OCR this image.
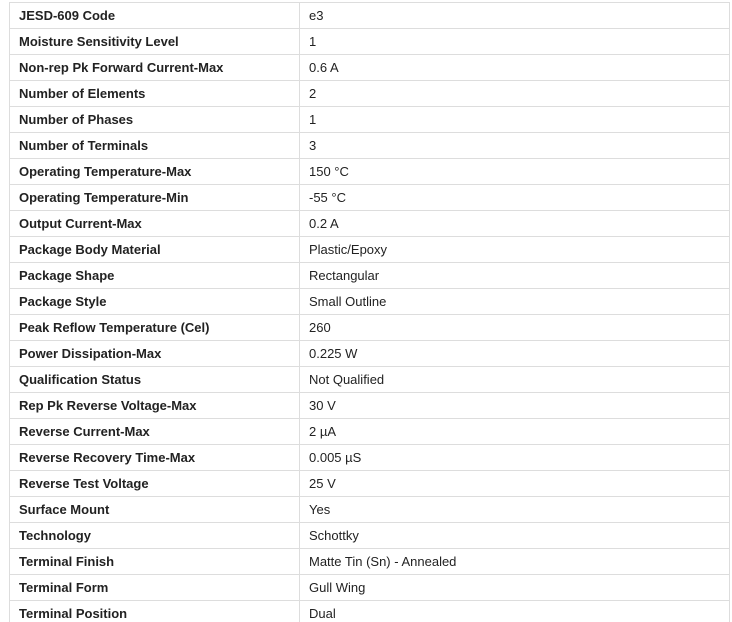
JESD-609 Code	e3
Moisture Sensitivity Level	1
Non-rep Pk Forward Current-Max	0.6 A
Number of Elements	2
Number of Phases	1
Number of Terminals	3
Operating Temperature-Max	150 °C
Operating Temperature-Min	-55 °C
Output Current-Max	0.2 A
Package Body Material	Plastic/Epoxy
Package Shape	Rectangular
Package Style	Small Outline
Peak Reflow Temperature (Cel)	260
Power Dissipation-Max	0.225 W
Qualification Status	Not Qualified
Rep Pk Reverse Voltage-Max	30 V
Reverse Current-Max	2 µA
Reverse Recovery Time-Max	0.005 µS
Reverse Test Voltage	25 V
Surface Mount	Yes
Technology	Schottky
Terminal Finish	Matte Tin (Sn) - Annealed
Terminal Form	Gull Wing
Terminal Position	Dual
